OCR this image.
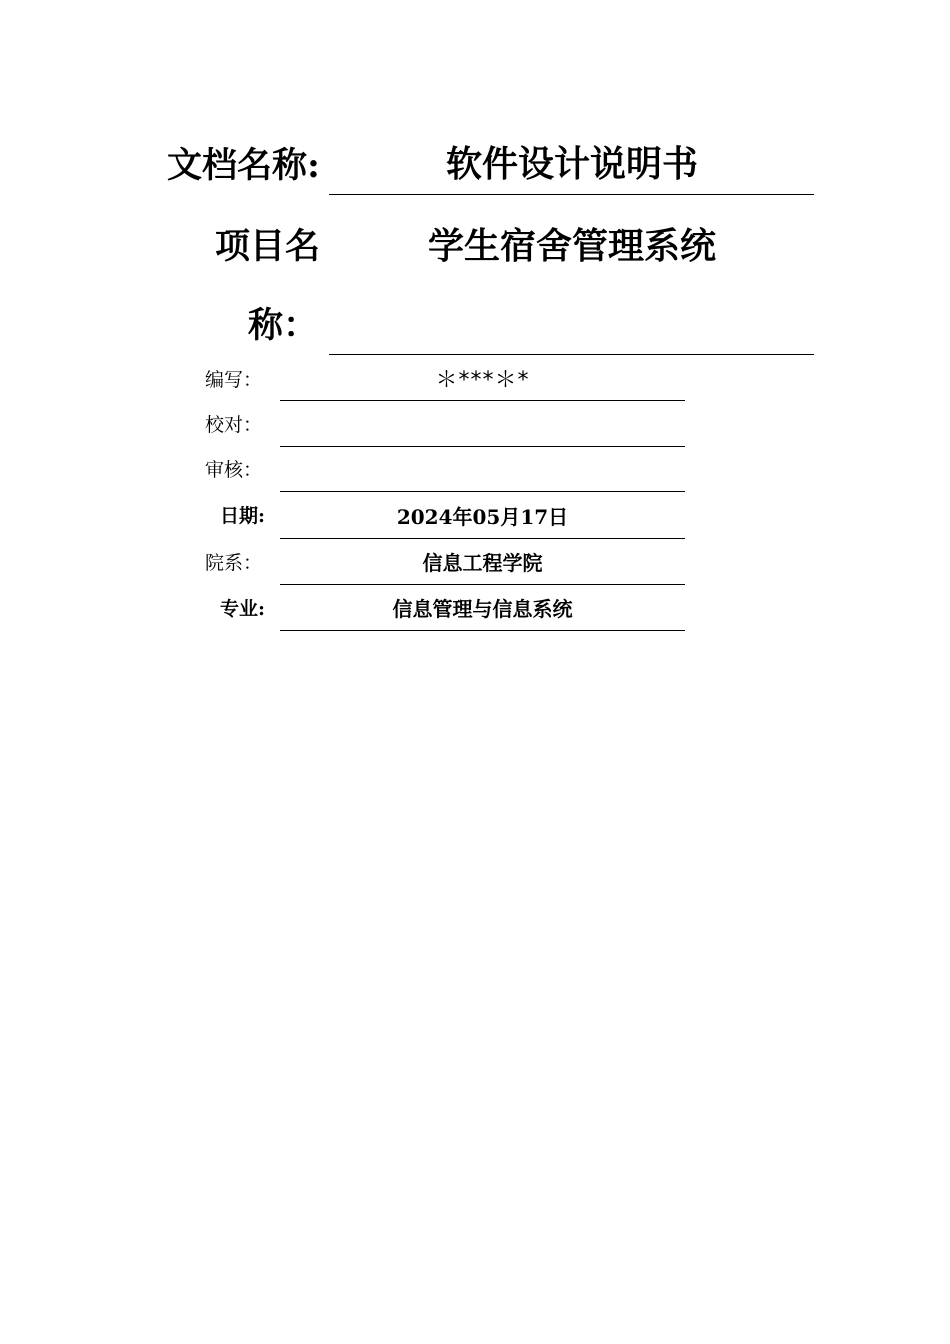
文档名称:	软件设计说明书
项目名	学生宿舍管理系统
称：
编写：	＊***＊*
校对：
审核：
日期:	2024年05月17日
院系：	信息工程学院
专业:	信息管理与信息系统
